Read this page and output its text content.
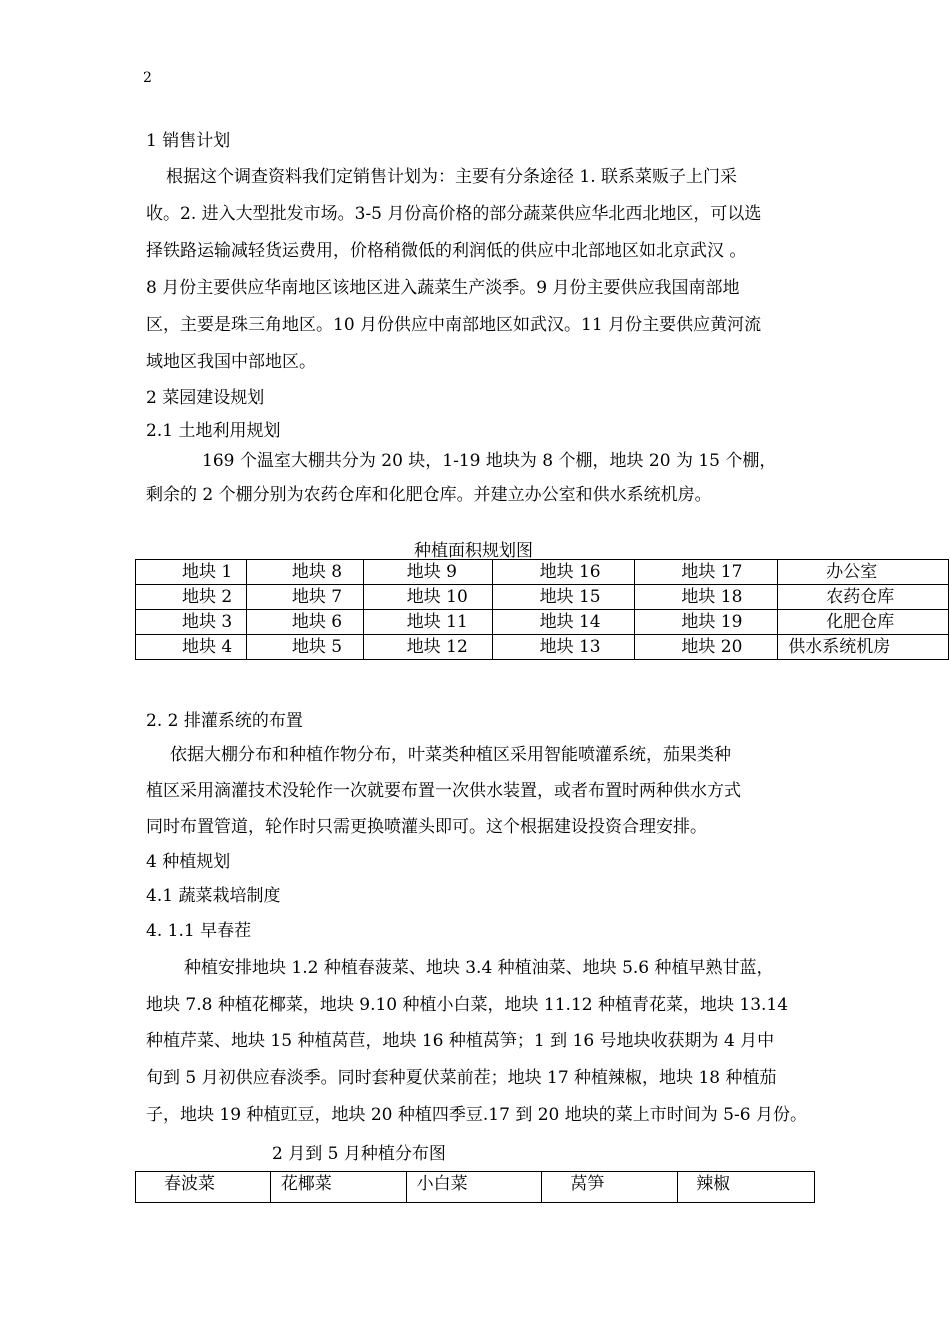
2
1 销售计划
根据这个调查资料我们定销售计划为：主要有分条途径 1. 联系菜贩子上门采
收。2. 进入大型批发市场。3-5 月份高价格的部分蔬菜供应华北西北地区，可以选
择铁路运输减轻货运费用，价格稍微低的利润低的供应中北部地区如北京武汉 。
8 月份主要供应华南地区该地区进入蔬菜生产淡季。9 月份主要供应我国南部地
区，主要是珠三角地区。10 月份供应中南部地区如武汉。11 月份主要供应黄河流
域地区我国中部地区。
2 菜园建设规划
2.1 土地利用规划
169 个温室大棚共分为 20 块，1-19 地块为 8 个棚，地块 20 为 15 个棚，
剩余的 2 个棚分别为农药仓库和化肥仓库。并建立办公室和供水系统机房。
种植面积规划图
地块 1	地块 8	地块 9	地块 16	地块 17	办公室
地块 2	地块 7	地块 10	地块 15	地块 18	农药仓库
地块 3	地块 6	地块 11	地块 14	地块 19	化肥仓库
地块 4	地块 5	地块 12	地块 13	地块 20	供水系统机房
2. 2 排灌系统的布置
依据大棚分布和种植作物分布，叶菜类种植区采用智能喷灌系统，茄果类种
植区采用滴灌技术没轮作一次就要布置一次供水装置，或者布置时两种供水方式
同时布置管道，轮作时只需更换喷灌头即可。这个根据建设投资合理安排。
4 种植规划
4.1 蔬菜栽培制度
4. 1.1 早春茬
种植安排地块 1.2 种植春菠菜、地块 3.4 种植油菜、地块 5.6 种植早熟甘蓝，
地块 7.8 种植花椰菜，地块 9.10 种植小白菜，地块 11.12 种植青花菜，地块 13.14
种植芹菜、地块 15 种植莴苣，地块 16 种植莴笋；1 到 16 号地块收获期为 4 月中
旬到 5 月初供应春淡季。同时套种夏伏菜前茬；地块 17 种植辣椒，地块 18 种植茄
子，地块 19 种植豇豆，地块 20 种植四季豆.17 到 20 地块的菜上市时间为 5-6 月份。
2 月到 5 月种植分布图
春波菜	花椰菜	小白菜	莴笋	辣椒
